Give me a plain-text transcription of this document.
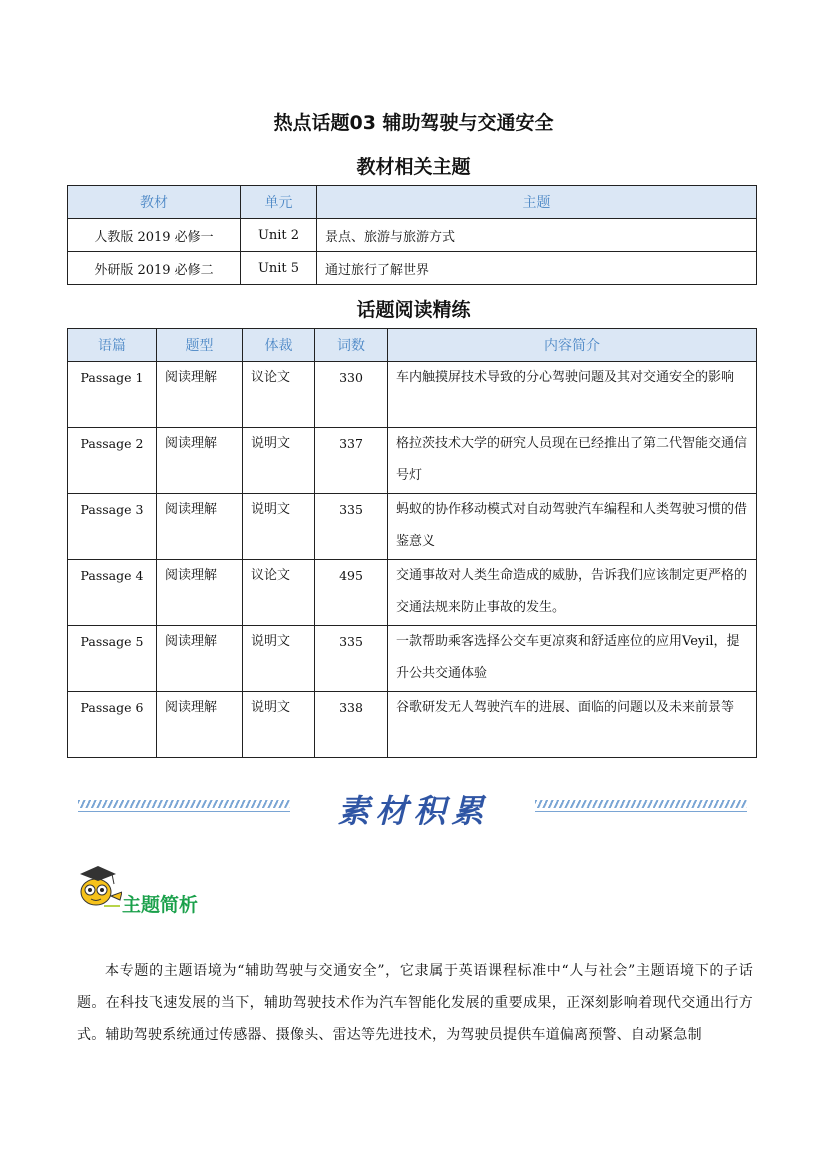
热点话题03 辅助驾驶与交通安全
教材相关主题
教材	单元	主题
人教版 2019 必修一	Unit 2	景点、旅游与旅游方式
外研版 2019 必修二	Unit 5	通过旅行了解世界
话题阅读精练
语篇	题型	体裁	词数	内容简介
Passage 1	阅读理解	议论文	330	车内触摸屏技术导致的分心驾驶问题及其对交通安全的影响
Passage 2	阅读理解	说明文	337	格拉茨技术大学的研究人员现在已经推出了第二代智能交通信号灯
Passage 3	阅读理解	说明文	335	蚂蚁的协作移动模式对自动驾驶汽车编程和人类驾驶习惯的借鉴意义
Passage 4	阅读理解	议论文	495	交通事故对人类生命造成的威胁，告诉我们应该制定更严格的交通法规来防止事故的发生。
Passage 5	阅读理解	说明文	335	一款帮助乘客选择公交车更凉爽和舒适座位的应用Veyil，提升公共交通体验
Passage 6	阅读理解	说明文	338	谷歌研发无人驾驶汽车的进展、面临的问题以及未来前景等
素材积累
主题简析
本专题的主题语境为“辅助驾驶与交通安全”，它隶属于英语课程标准中“人与社会”主题语境下的子话题。在科技飞速发展的当下，辅助驾驶技术作为汽车智能化发展的重要成果，正深刻影响着现代交通出行方式。辅助驾驶系统通过传感器、摄像头、雷达等先进技术，为驾驶员提供车道偏离预警、自动紧急制
